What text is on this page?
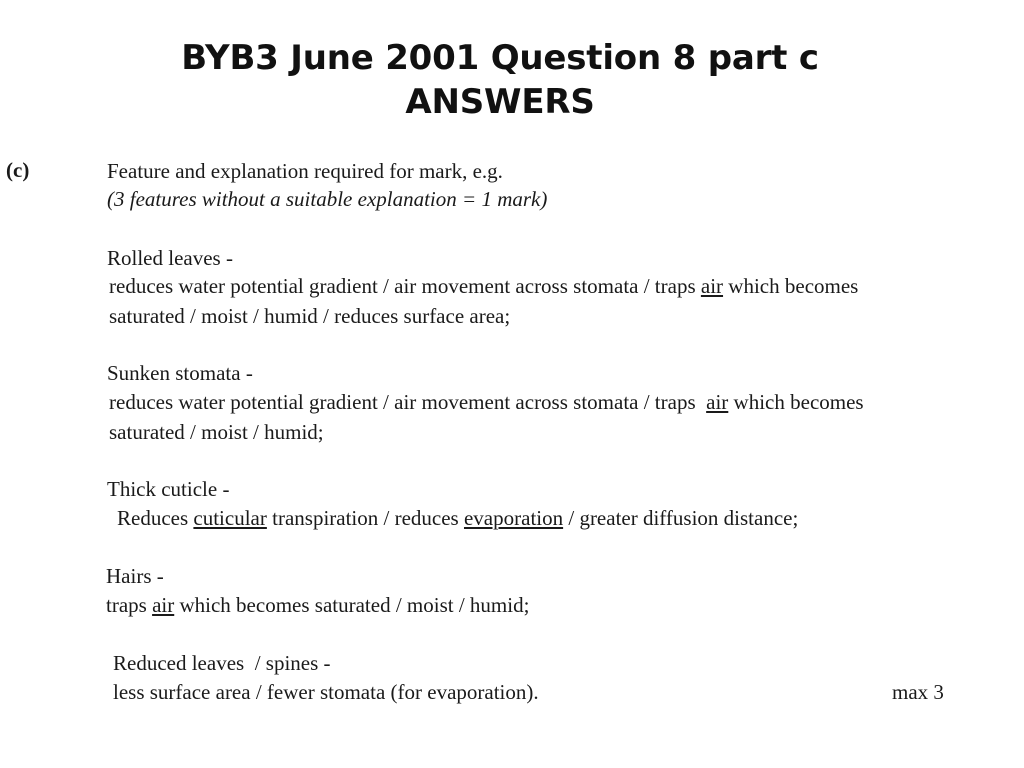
BYB3 June 2001 Question 8 part c
ANSWERS
(c)	Feature and explanation required for mark, e.g.
(3 features without a suitable explanation = 1 mark)
Rolled leaves -
reduces water potential gradient / air movement across stomata / traps air which becomes
saturated / moist / humid / reduces surface area;
Sunken stomata -
reduces water potential gradient / air movement across stomata / traps  air which becomes
saturated / moist / humid;
Thick cuticle -
Reduces cuticular transpiration / reduces evaporation / greater diffusion distance;
Hairs -
traps air which becomes saturated / moist / humid;
Reduced leaves  / spines -
less surface area / fewer stomata (for evaporation).	max 3
